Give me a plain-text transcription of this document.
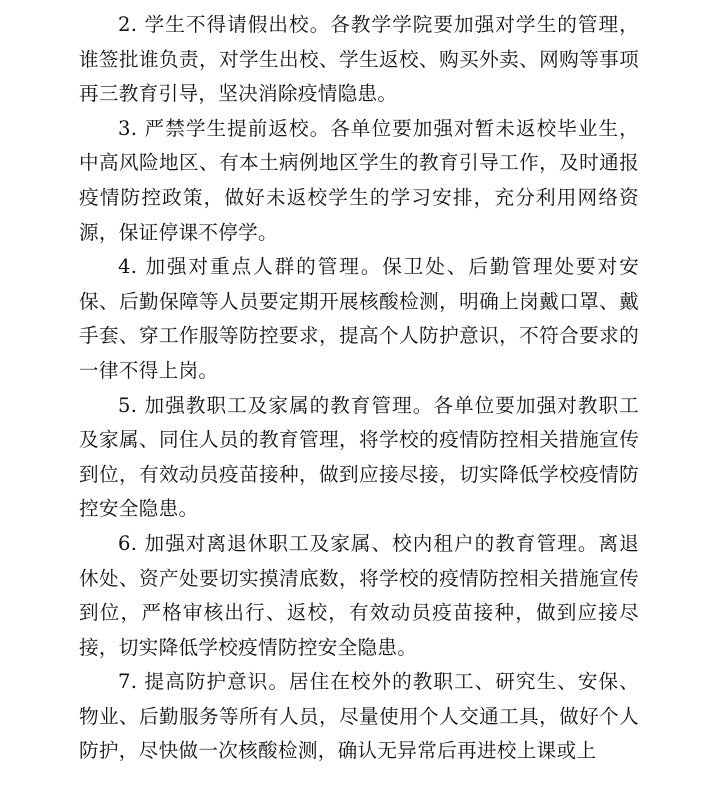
2. 学生不得请假出校。各教学学院要加强对学生的管理，谁签批谁负责，对学生出校、学生返校、购买外卖、网购等事项再三教育引导，坚决消除疫情隐患。

3. 严禁学生提前返校。各单位要加强对暂未返校毕业生，中高风险地区、有本土病例地区学生的教育引导工作，及时通报疫情防控政策，做好未返校学生的学习安排，充分利用网络资源，保证停课不停学。

4. 加强对重点人群的管理。保卫处、后勤管理处要对安保、后勤保障等人员要定期开展核酸检测，明确上岗戴口罩、戴手套、穿工作服等防控要求，提高个人防护意识，不符合要求的一律不得上岗。

5. 加强教职工及家属的教育管理。各单位要加强对教职工及家属、同住人员的教育管理，将学校的疫情防控相关措施宣传到位，有效动员疫苗接种，做到应接尽接，切实降低学校疫情防控安全隐患。

6. 加强对离退休职工及家属、校内租户的教育管理。离退休处、资产处要切实摸清底数，将学校的疫情防控相关措施宣传到位，严格审核出行、返校，有效动员疫苗接种，做到应接尽接，切实降低学校疫情防控安全隐患。

7. 提高防护意识。居住在校外的教职工、研究生、安保、物业、后勤服务等所有人员，尽量使用个人交通工具，做好个人防护，尽快做一次核酸检测，确认无异常后再进校上课或上
